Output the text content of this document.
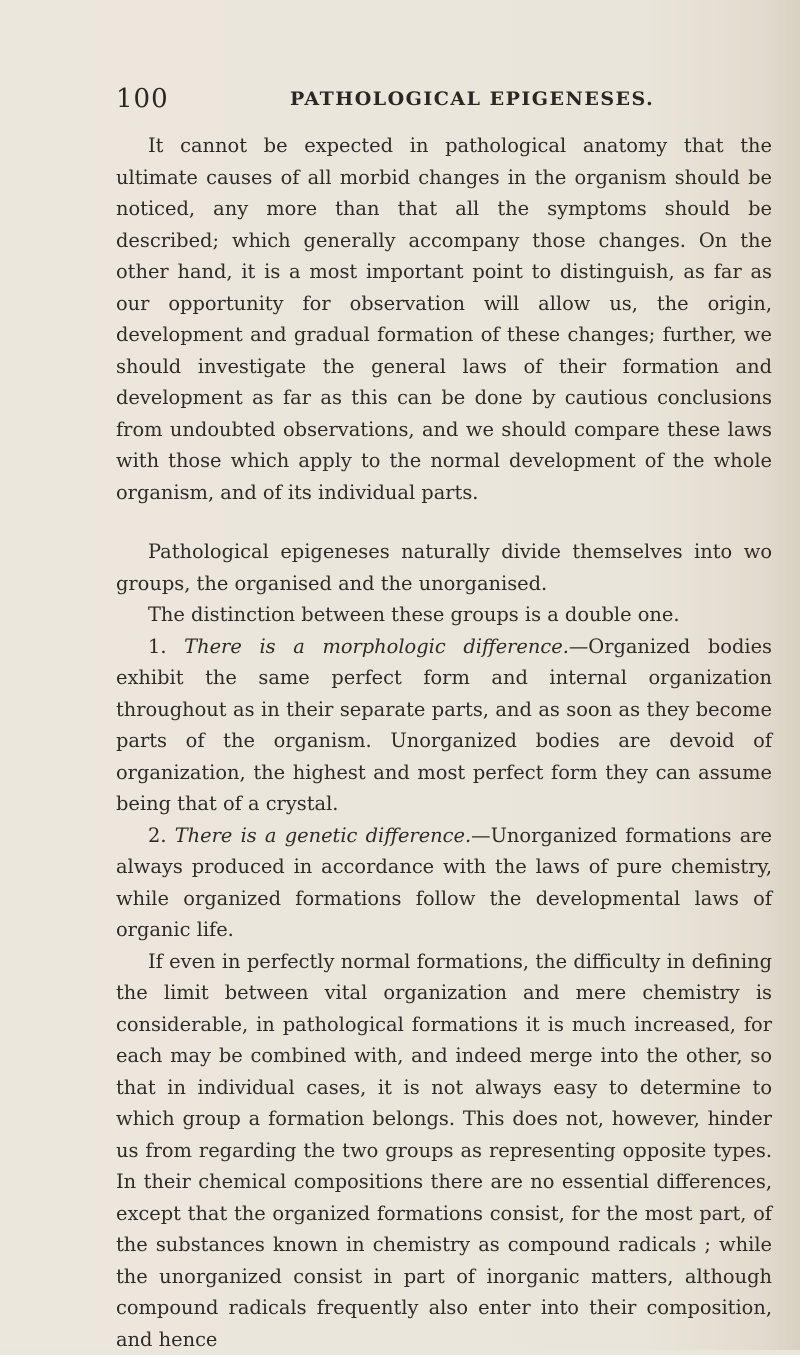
100	PATHOLOGICAL EPIGENESES.

It cannot be expected in pathological anatomy that the ultimate causes of all morbid changes in the organism should be noticed, any more than that all the symptoms should be described; which generally accompany those changes. On the other hand, it is a most important point to distinguish, as far as our opportunity for observation will allow us, the origin, development and gradual formation of these changes; further, we should investigate the general laws of their formation and development as far as this can be done by cautious conclusions from undoubted observations, and we should compare these laws with those which apply to the normal development of the whole organism, and of its individual parts.

Pathological epigeneses naturally divide themselves into wo groups, the organised and the unorganised.

The distinction between these groups is a double one.

1. There is a morphologic difference.—Organized bodies exhibit the same perfect form and internal organization throughout as in their separate parts, and as soon as they become parts of the organism. Unorganized bodies are devoid of organization, the highest and most perfect form they can assume being that of a crystal.

2. There is a genetic difference.—Unorganized formations are always produced in accordance with the laws of pure chemistry, while organized formations follow the developmental laws of organic life.

If even in perfectly normal formations, the difficulty in defining the limit between vital organization and mere chemistry is considerable, in pathological formations it is much increased, for each may be combined with, and indeed merge into the other, so that in individual cases, it is not always easy to determine to which group a formation belongs. This does not, however, hinder us from regarding the two groups as representing opposite types. In their chemical compositions there are no essential differences, except that the organized formations consist, for the most part, of the substances known in chemistry as compound radicals ; while the unorganized consist in part of inorganic matters, although compound radicals frequently also enter into their composition, and hence
